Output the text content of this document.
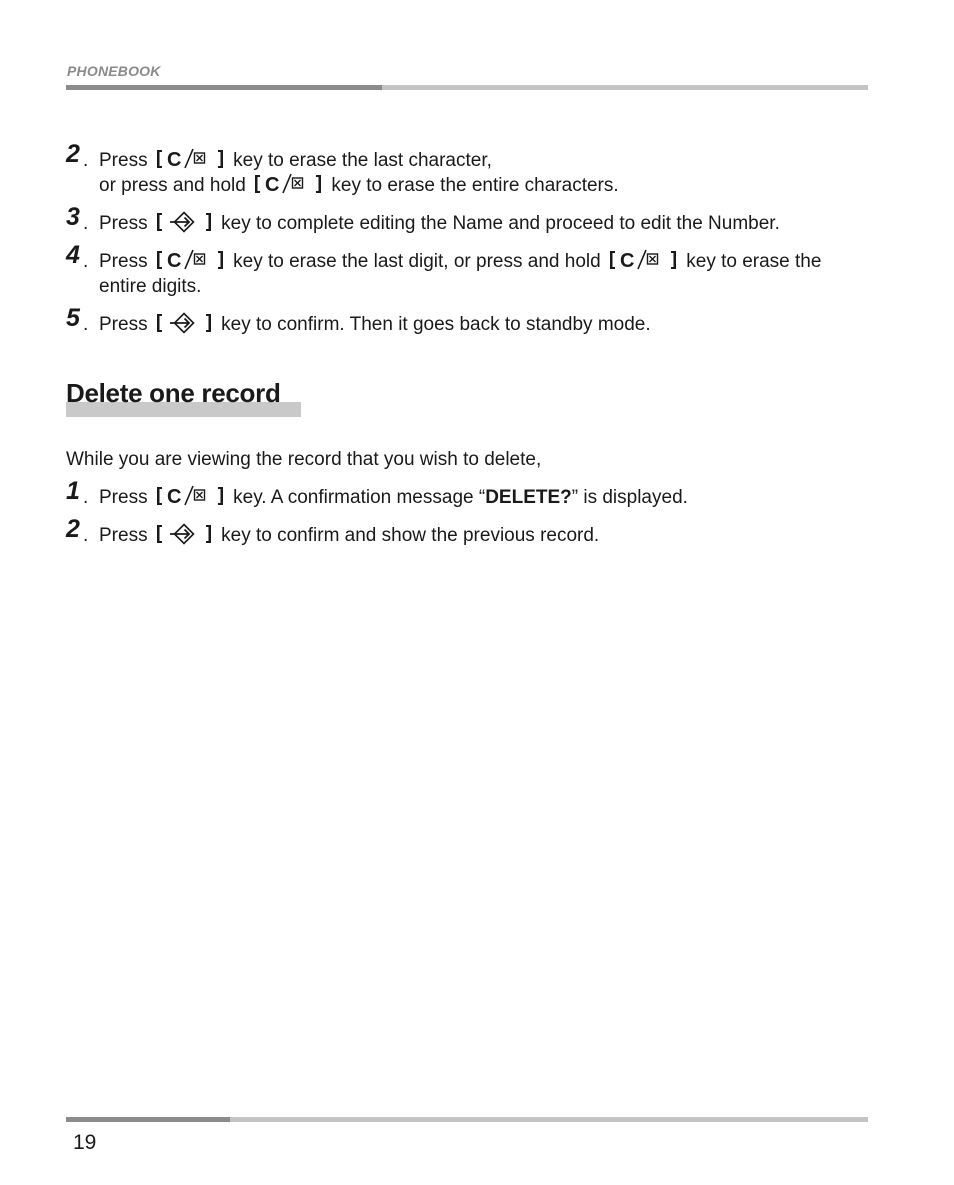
PHONEBOOK
2 . Press C	key to erase the last character,
or press and hold C	key to erase the entire characters.
3 . Press	key to complete editing the Name and proceed to edit the Number.
4 . Press C	key to erase the last digit, or press and hold C	key to erase the entire digits.
5 . Press	key to confirm. Then it goes back to standby mode.
Delete one record
While you are viewing the record that you wish to delete,
1 . Press C	key. A confirmation message “DELETE?” is displayed.
2 . Press	key to confirm and show the previous record.
19
